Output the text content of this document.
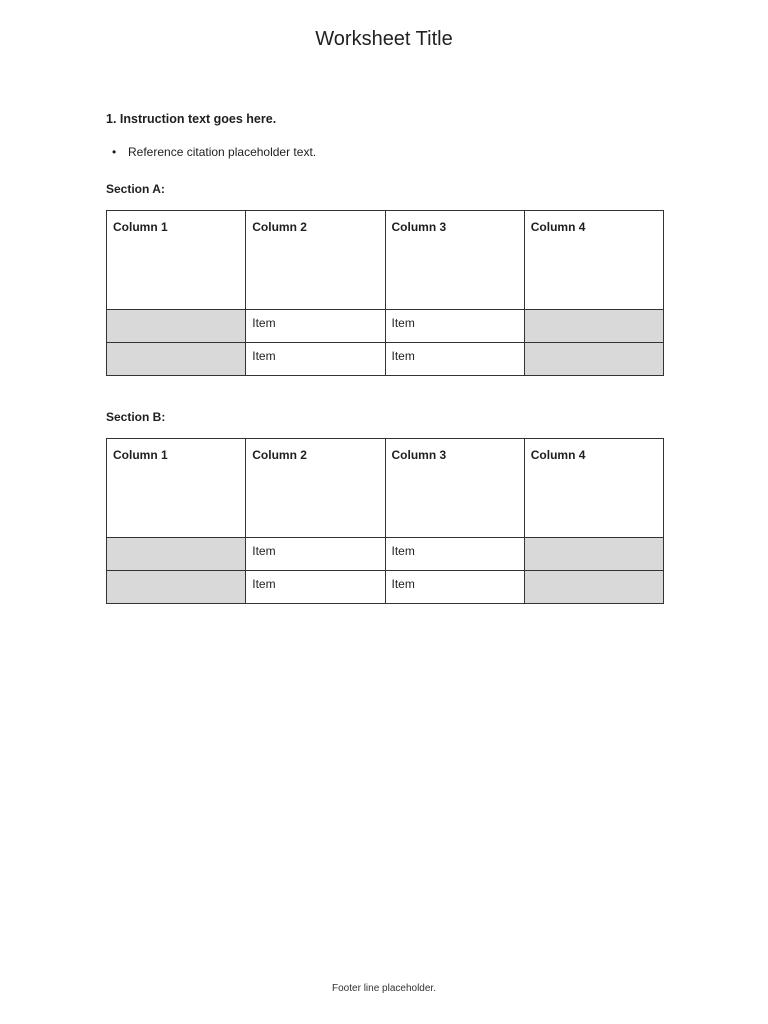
Worksheet Title

1. Instruction text goes here.

• Reference citation placeholder text.
Section A:
Column 1	Column 2	Column 3	Column 4
	Item	Item	
	Item	Item	
Section B:
Column 1	Column 2	Column 3	Column 4
	Item	Item	
	Item	Item	
Footer line placeholder.
